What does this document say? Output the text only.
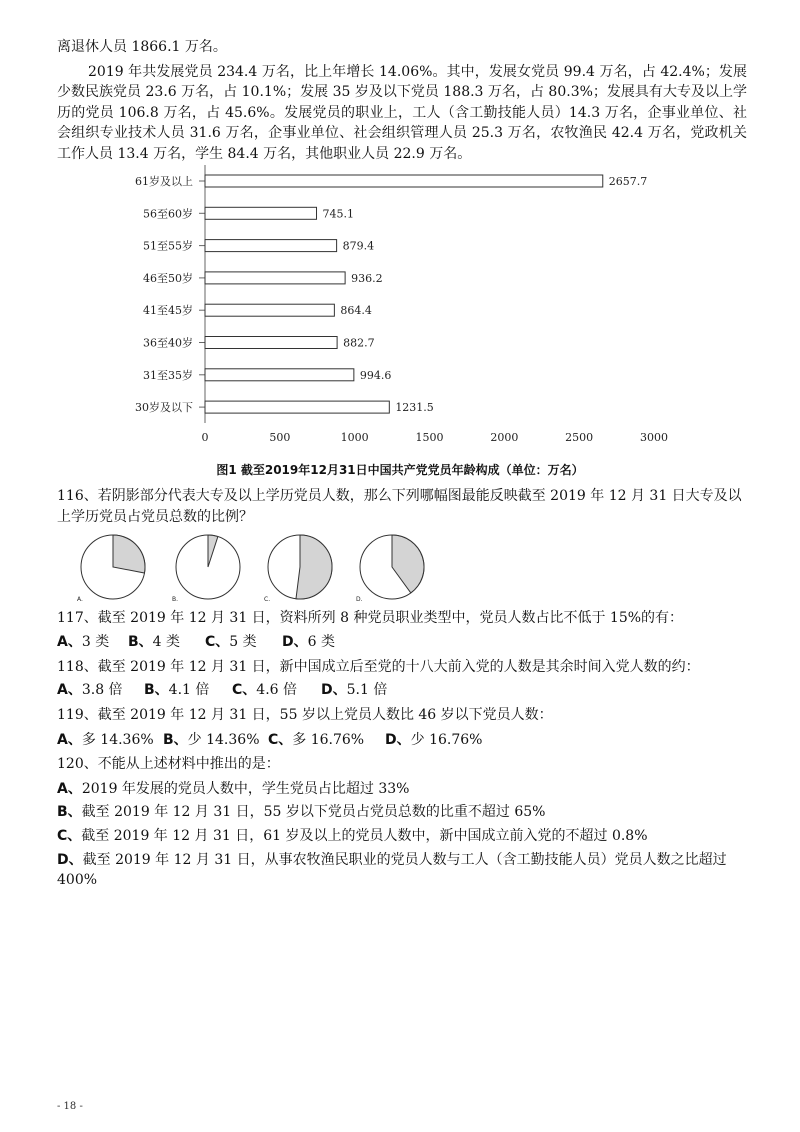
离退休人员 1866.1 万名。
2019 年共发展党员 234.4 万名，比上年增长 14.06%。其中，发展女党员 99.4 万名，占 42.4%；发展少数民族党员 23.6 万名，占 10.1%；发展 35 岁及以下党员 188.3 万名，占 80.3%；发展具有大专及以上学历的党员 106.8 万名，占 45.6%。发展党员的职业上，工人（含工勤技能人员）14.3 万名，企事业单位、社会组织专业技术人员 31.6 万名，企事业单位、社会组织管理人员 25.3 万名，农牧渔民 42.4 万名，党政机关工作人员 13.4 万名，学生 84.4 万名，其他职业人员 22.9 万名。
61岁及以上	2657.7
56至60岁	745.1
51至55岁	879.4
46至50岁	936.2
41至45岁	864.4
36至40岁	882.7
31至35岁	994.6
30岁及以下	1231.5
0	500	1000	1500	2000	2500	3000
图1 截至2019年12月31日中国共产党党员年龄构成（单位：万名）
116、若阴影部分代表大专及以上学历党员人数，那么下列哪幅图最能反映截至 2019 年 12 月 31 日大专及以上学历党员占党员总数的比例？
A.	B.	C.	D.
117、截至 2019 年 12 月 31 日，资料所列 8 种党员职业类型中，党员人数占比不低于 15%的有：
A、3 类 B、4 类 C、5 类 D、6 类
118、截至 2019 年 12 月 31 日，新中国成立后至党的十八大前入党的人数是其余时间入党人数的约：
A、3.8 倍 B、4.1 倍 C、4.6 倍 D、5.1 倍
119、截至 2019 年 12 月 31 日，55 岁以上党员人数比 46 岁以下党员人数：
A、多 14.36% B、少 14.36% C、多 16.76% D、少 16.76%
120、不能从上述材料中推出的是：
A、2019 年发展的党员人数中，学生党员占比超过 33%
B、截至 2019 年 12 月 31 日，55 岁以下党员占党员总数的比重不超过 65%
C、截至 2019 年 12 月 31 日，61 岁及以上的党员人数中，新中国成立前入党的不超过 0.8%
D、截至 2019 年 12 月 31 日，从事农牧渔民职业的党员人数与工人（含工勤技能人员）党员人数之比超过 400%
- 18 -
